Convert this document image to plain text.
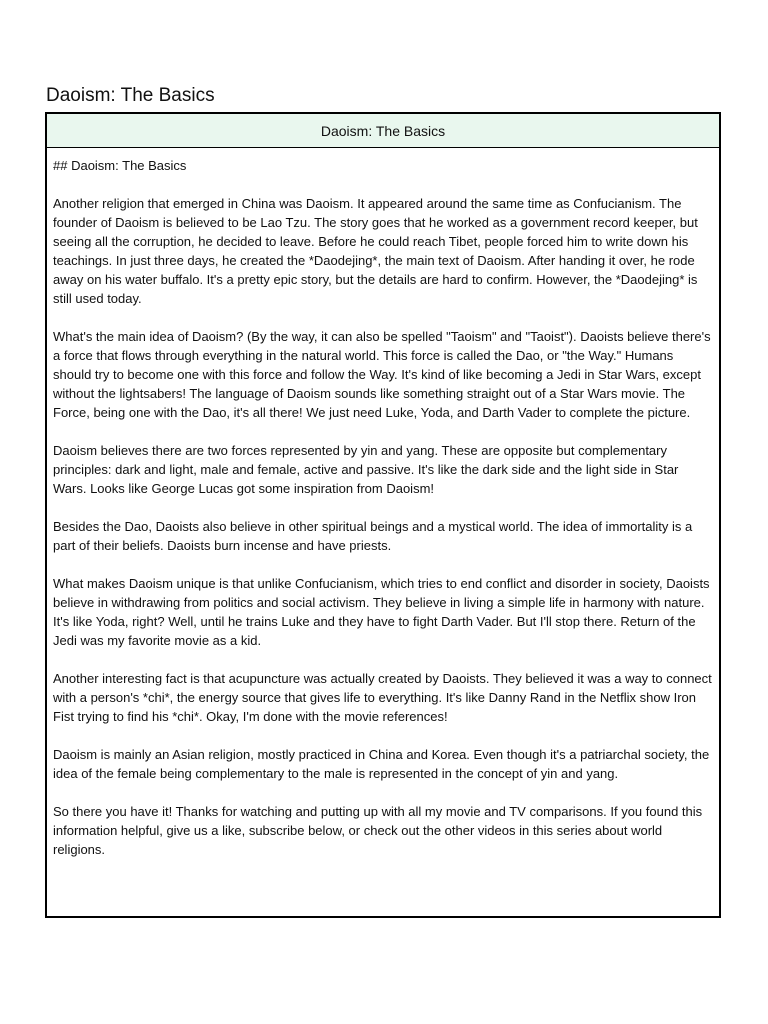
Daoism: The Basics
Daoism: The Basics

## Daoism: The Basics

Another religion that emerged in China was Daoism. It appeared around the same time as Confucianism. The founder of Daoism is believed to be Lao Tzu. The story goes that he worked as a government record keeper, but seeing all the corruption, he decided to leave. Before he could reach Tibet, people forced him to write down his teachings. In just three days, he created the *Daodejing*, the main text of Daoism. After handing it over, he rode away on his water buffalo. It's a pretty epic story, but the details are hard to confirm. However, the *Daodejing* is still used today.

What's the main idea of Daoism? (By the way, it can also be spelled "Taoism" and "Taoist"). Daoists believe there's a force that flows through everything in the natural world. This force is called the Dao, or "the Way." Humans should try to become one with this force and follow the Way. It's kind of like becoming a Jedi in Star Wars, except without the lightsabers! The language of Daoism sounds like something straight out of a Star Wars movie. The Force, being one with the Dao, it's all there! We just need Luke, Yoda, and Darth Vader to complete the picture.

Daoism believes there are two forces represented by yin and yang. These are opposite but complementary principles: dark and light, male and female, active and passive. It's like the dark side and the light side in Star Wars. Looks like George Lucas got some inspiration from Daoism!

Besides the Dao, Daoists also believe in other spiritual beings and a mystical world. The idea of immortality is a part of their beliefs. Daoists burn incense and have priests.

What makes Daoism unique is that unlike Confucianism, which tries to end conflict and disorder in society, Daoists believe in withdrawing from politics and social activism. They believe in living a simple life in harmony with nature. It's like Yoda, right? Well, until he trains Luke and they have to fight Darth Vader. But I'll stop there. Return of the Jedi was my favorite movie as a kid.

Another interesting fact is that acupuncture was actually created by Daoists. They believed it was a way to connect with a person's *chi*, the energy source that gives life to everything. It's like Danny Rand in the Netflix show Iron Fist trying to find his *chi*. Okay, I'm done with the movie references!

Daoism is mainly an Asian religion, mostly practiced in China and Korea. Even though it's a patriarchal society, the idea of the female being complementary to the male is represented in the concept of yin and yang.

So there you have it! Thanks for watching and putting up with all my movie and TV comparisons. If you found this information helpful, give us a like, subscribe below, or check out the other videos in this series about world religions.
